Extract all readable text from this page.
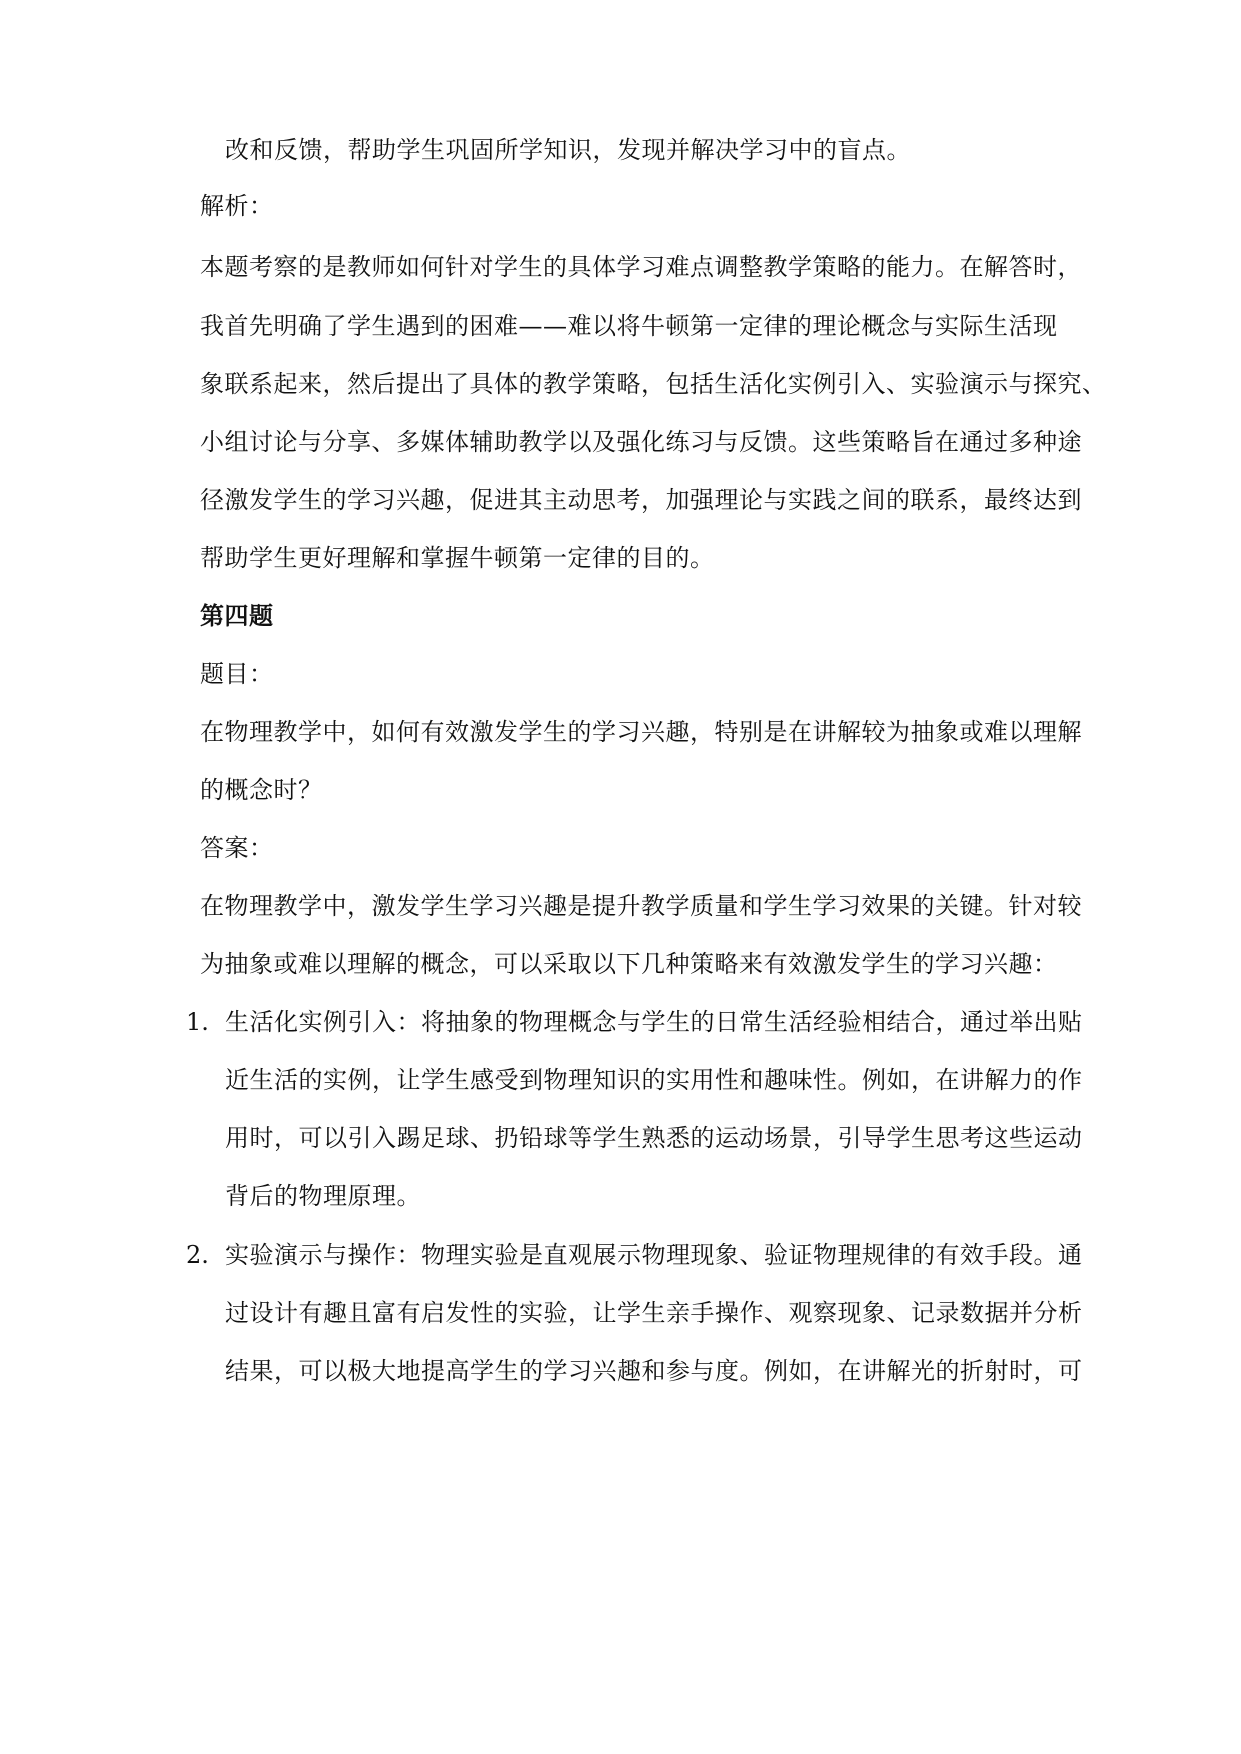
改和反馈，帮助学生巩固所学知识，发现并解决学习中的盲点。
解析：
本题考察的是教师如何针对学生的具体学习难点调整教学策略的能力。在解答时，
我首先明确了学生遇到的困难——难以将牛顿第一定律的理论概念与实际生活现
象联系起来，然后提出了具体的教学策略，包括生活化实例引入、实验演示与探究、
小组讨论与分享、多媒体辅助教学以及强化练习与反馈。这些策略旨在通过多种途
径激发学生的学习兴趣，促进其主动思考，加强理论与实践之间的联系，最终达到
帮助学生更好理解和掌握牛顿第一定律的目的。
第四题
题目：
在物理教学中，如何有效激发学生的学习兴趣，特别是在讲解较为抽象或难以理解
的概念时？
答案：
在物理教学中，激发学生学习兴趣是提升教学质量和学生学习效果的关键。针对较
为抽象或难以理解的概念，可以采取以下几种策略来有效激发学生的学习兴趣：
1. 生活化实例引入：将抽象的物理概念与学生的日常生活经验相结合，通过举出贴
近生活的实例，让学生感受到物理知识的实用性和趣味性。例如，在讲解力的作
用时，可以引入踢足球、扔铅球等学生熟悉的运动场景，引导学生思考这些运动
背后的物理原理。
2. 实验演示与操作：物理实验是直观展示物理现象、验证物理规律的有效手段。通
过设计有趣且富有启发性的实验，让学生亲手操作、观察现象、记录数据并分析
结果，可以极大地提高学生的学习兴趣和参与度。例如，在讲解光的折射时，可
